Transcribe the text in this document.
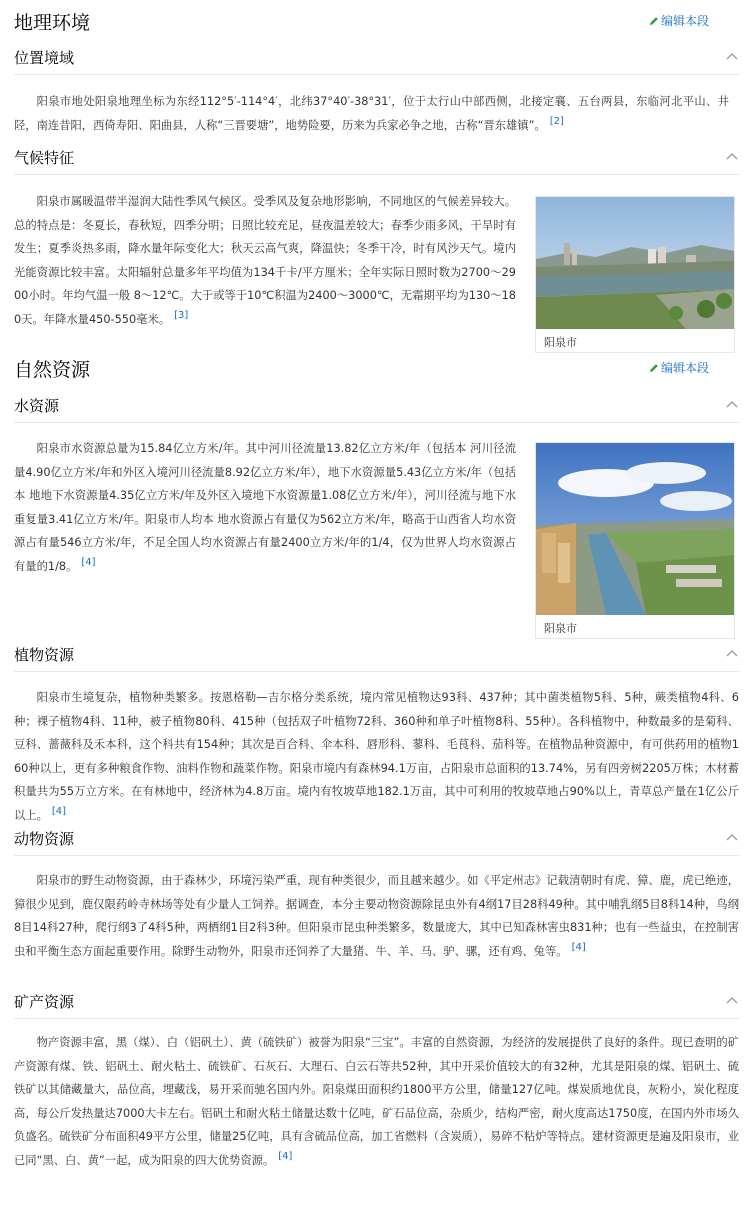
地理环境	编辑本段
位置境域

阳泉市地处阳泉地理坐标为东经112°5′-114°4′，北纬37°40′-38°31′，位于太行山中部西侧，北接定襄、五台两县，东临河北平山、井陉，南连昔阳，西倚寿阳、阳曲县，人称“三晋要塘”，地势险要，历来为兵家必争之地，古称“晋东雄镇”。 [2]

气候特征

阳泉市属暖温带半湿润大陆性季风气候区。受季风及复杂地形影响，不同地区的气候差异较大。总的特点是：冬夏长，春秋短，四季分明；日照比较充足，昼夜温差较大；春季少雨多风，干旱时有发生；夏季炎热多雨，降水量年际变化大；秋天云高气爽，降温快；冬季干冷，时有风沙天气。境内光能资源比较丰富。太阳辐射总量多年平均值为134千卡/平方厘米；全年实际日照时数为2700～2900小时。年均气温一般 8～12℃。大于或等于10℃积温为2400～3000℃，无霜期平均为130～180天。年降水量450-550毫米。 [3]

阳泉市
自然资源	编辑本段
水资源

阳泉市水资源总量为15.84亿立方米/年。其中河川径流量13.82亿立方米/年（包括本 河川径流量4.90亿立方米/年和外区入境河川径流量8.92亿立方米/年），地下水资源量5.43亿立方米/年（包括本 地地下水资源量4.35亿立方米/年及外区入境地下水资源量1.08亿立方米/年），河川径流与地下水重复量3.41亿立方米/年。阳泉市人均本 地水资源占有量仅为562立方米/年，略高于山西省人均水资源占有量546立方米/年，不足全国人均水资源占有量2400立方米/年的1/4，仅为世界人均水资源占有量的1/8。 [4]

阳泉市
植物资源

阳泉市生境复杂，植物种类繁多。按恩格勒—吉尔格分类系统，境内常见植物达93科、437种；其中菌类植物5科、5种，蕨类植物4科、6种；裸子植物4科、11种，被子植物80科、415种（包括双子叶植物72科、360种和单子叶植物8科、55种）。各科植物中，种数最多的是菊科、豆科、蔷薇科及禾本科，这个科共有154种；其次是百合科、伞本科、唇形科、蓼科、毛茛科、茄科等。在植物品种资源中，有可供药用的植物160种以上，更有多种粮食作物、油料作物和蔬菜作物。阳泉市境内有森林94.1万亩，占阳泉市总面积的13.74%，另有四旁树2205万株；木材蓄积量共为55万立方米。在有林地中，经济林为4.8万亩。境内有牧坡草地182.1万亩，其中可利用的牧坡草地占90%以上，青草总产量在1亿公斤以上。 [4]

动物资源

阳泉市的野生动物资源，由于森林少，环境污染严重，现有种类很少，而且越来越少。如《平定州志》记载清朝时有虎、獐、鹿，虎已绝迹，獐很少见到，鹿仅限药岭寺林场等处有少量人工饲养。据调查，本分主要动物资源除昆虫外有4纲17目28科49种。其中哺乳纲5目8科14种，鸟纲8目14科27种，爬行纲3了4科5种，两栖纲1目2科3种。但阳泉市昆虫种类繁多，数量庞大，其中已知森林害虫831种；也有一些益虫，在控制害虫和平衡生态方面起重要作用。除野生动物外，阳泉市还饲养了大量猪、牛、羊、马、驴、骡，还有鸡、兔等。 [4]

矿产资源

物产资源丰富，黑（煤）、白（铝矾土）、黄（硫铁矿）被誉为阳泉“三宝”。丰富的自然资源，为经济的发展提供了良好的条件。现已查明的矿产资源有煤、铁、铝矾土、耐火粘土、硫铁矿、石灰石、大理石、白云石等共52种，其中开采价值较大的有32种，尤其是阳泉的煤、铝矾土、硫铁矿以其储藏量大，品位高，埋藏浅，易开采而驰名国内外。阳泉煤田面积约1800平方公里，储量127亿吨。煤炭质地优良，灰粉小，炭化程度高，每公斤发热量达7000大卡左右。铝矾土和耐火粘土储量达数十亿吨，矿石品位高，杂质少，结构严密，耐火度高达1750度，在国内外市场久负盛名。硫铁矿分布面积49平方公里，储量25亿吨，具有含硫品位高，加工省燃料（含炭质），易碎不粘炉等特点。建材资源更是遍及阳泉市，业已同“黑、白、黄”一起，成为阳泉的四大优势资源。 [4]
